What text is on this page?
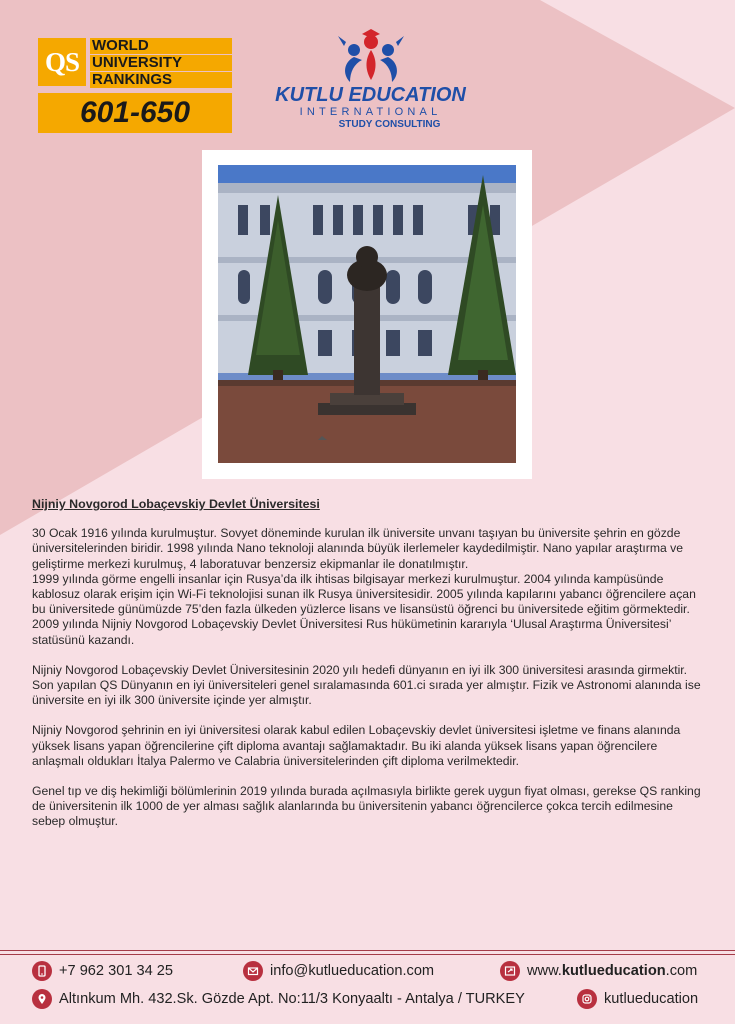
QS
WORLD
UNIVERSITY
RANKINGS
601-650
KUTLU EDUCATION
INTERNATIONAL
STUDY CONSULTING
Nijniy Novgorod Lobaçevskiy Devlet Üniversitesi

30 Ocak 1916 yılında kurulmuştur. Sovyet döneminde kurulan ilk üniversite unvanı taşıyan bu üniversite şehrin en gözde üniversitelerinden biridir. 1998 yılında Nano teknoloji alanında büyük ilerlemeler kaydedilmiştir. Nano yapılar araştırma ve geliştirme merkezi kurulmuş, 4 laboratuvar benzersiz ekipmanlar ile donatılmıştır.

1999 yılında görme engelli insanlar için Rusya’da ilk ihtisas bilgisayar merkezi kurulmuştur. 2004 yılında kampüsünde kablosuz olarak erişim için Wi-Fi teknolojisi sunan ilk Rusya üniversitesidir. 2005 yılında kapılarını yabancı öğrencilere açan bu üniversitede günümüzde 75’den fazla ülkeden yüzlerce lisans ve lisansüstü öğrenci bu üniversitede eğitim görmektedir. 2009 yılında Nijniy Novgorod Lobaçevskiy Devlet Üniversitesi Rus hükümetinin kararıyla ‘Ulusal Araştırma Üniversitesi’ statüsünü kazandı.

Nijniy Novgorod Lobaçevskiy Devlet Üniversitesinin 2020 yılı hedefi dünyanın en iyi ilk 300 üniversitesi arasında girmektir. Son yapılan QS Dünyanın en iyi üniversiteleri genel sıralamasında 601.ci sırada yer almıştır. Fizik ve Astronomi alanında ise üniversite en iyi ilk 300 üniversite içinde yer almıştır.
Nijniy Novgorod şehrinin en iyi üniversitesi olarak kabul edilen Lobaçevskiy devlet üniversitesi işletme ve finans alanında yüksek lisans yapan öğrencilerine çift diploma avantajı sağlamaktadır. Bu iki alanda yüksek lisans yapan öğrencilere anlaşmalı oldukları İtalya Palermo ve Calabria üniversitelerinden çift diploma verilmektedir.
Genel tıp ve diş hekimliği bölümlerinin 2019 yılında burada açılmasıyla birlikte gerek uygun fiyat olması, gerekse QS ranking de üniversitenin ilk 1000 de yer alması sağlık alanlarında bu üniversitenin yabancı öğrencilerce çokca tercih edilmesine sebep olmuştur.
+7 962 301 34 25	info@kutlueducation.com	www. kutlueducation .com
Altınkum Mh. 432.Sk. Gözde Apt. No:11/3 Konyaaltı - Antalya / TURKEY	kutlueducation
